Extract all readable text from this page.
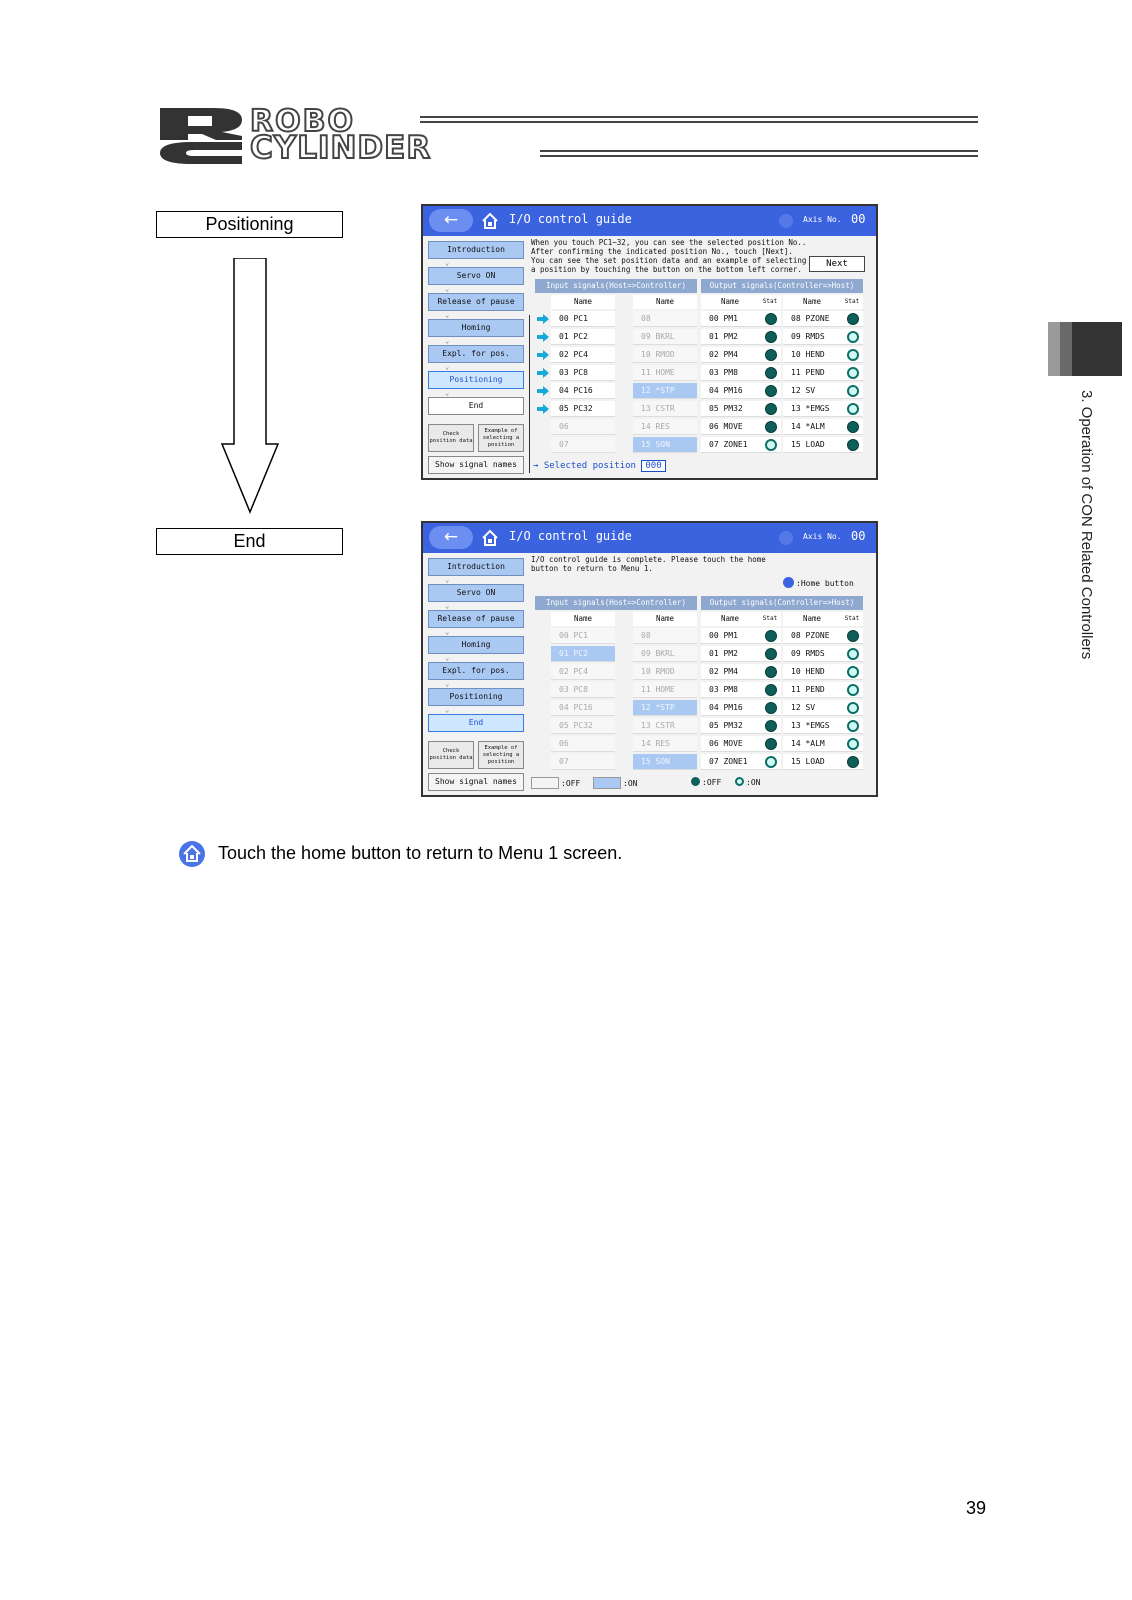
ROBO
CYLINDER
3. Operation of CON Related Controllers
Positioning
End
←	I/O control guide	Axis No. 00
When you touch PC1~32, you can see the selected position No..
After confirming the indicated position No., touch [Next].
You can see the set position data and an example of selecting
a position by touching the button on the bottom left corner.
Next
→ Selected position 000
Introduction
⌄
Servo ON
⌄
Release of pause
⌄
Homing
⌄
Expl. for pos.
⌄
Positioning
⌄
End
Check position data
Example of selecting a position
Show signal names
Input signals(Host=>Controller)	Output signals(Controller=>Host)
Name	Name	Name	Stat	Name	Stat
00 PC1	08	00 PM1	08 PZONE
01 PC2	09 BKRL	01 PM2	09 RMDS
02 PC4	10 RMOD	02 PM4	10 HEND
03 PC8	11 HOME	03 PM8	11 PEND
04 PC16	12 *STP	04 PM16	12 SV
05 PC32	13 CSTR	05 PM32	13 *EMGS
06	14 RES	06 MOVE	14 *ALM
07	15 SON	07 ZONE1	15 LOAD
←	I/O control guide	Axis No. 00
I/O control guide is complete. Please touch the home
button to return to Menu 1.
:Home button
:OFF	:ON	:OFF	:ON
Introduction
⌄
Servo ON
⌄
Release of pause
⌄
Homing
⌄
Expl. for pos.
⌄
Positioning
⌄
End
Check position data
Example of selecting a position
Show signal names
Input signals(Host=>Controller)	Output signals(Controller=>Host)
Name	Name	Name	Stat	Name	Stat
00 PC1	08	00 PM1	08 PZONE
01 PC2	09 BKRL	01 PM2	09 RMDS
02 PC4	10 RMOD	02 PM4	10 HEND
03 PC8	11 HOME	03 PM8	11 PEND
04 PC16	12 *STP	04 PM16	12 SV
05 PC32	13 CSTR	05 PM32	13 *EMGS
06	14 RES	06 MOVE	14 *ALM
07	15 SON	07 ZONE1	15 LOAD
Touch the home button to return to Menu 1 screen.
39
